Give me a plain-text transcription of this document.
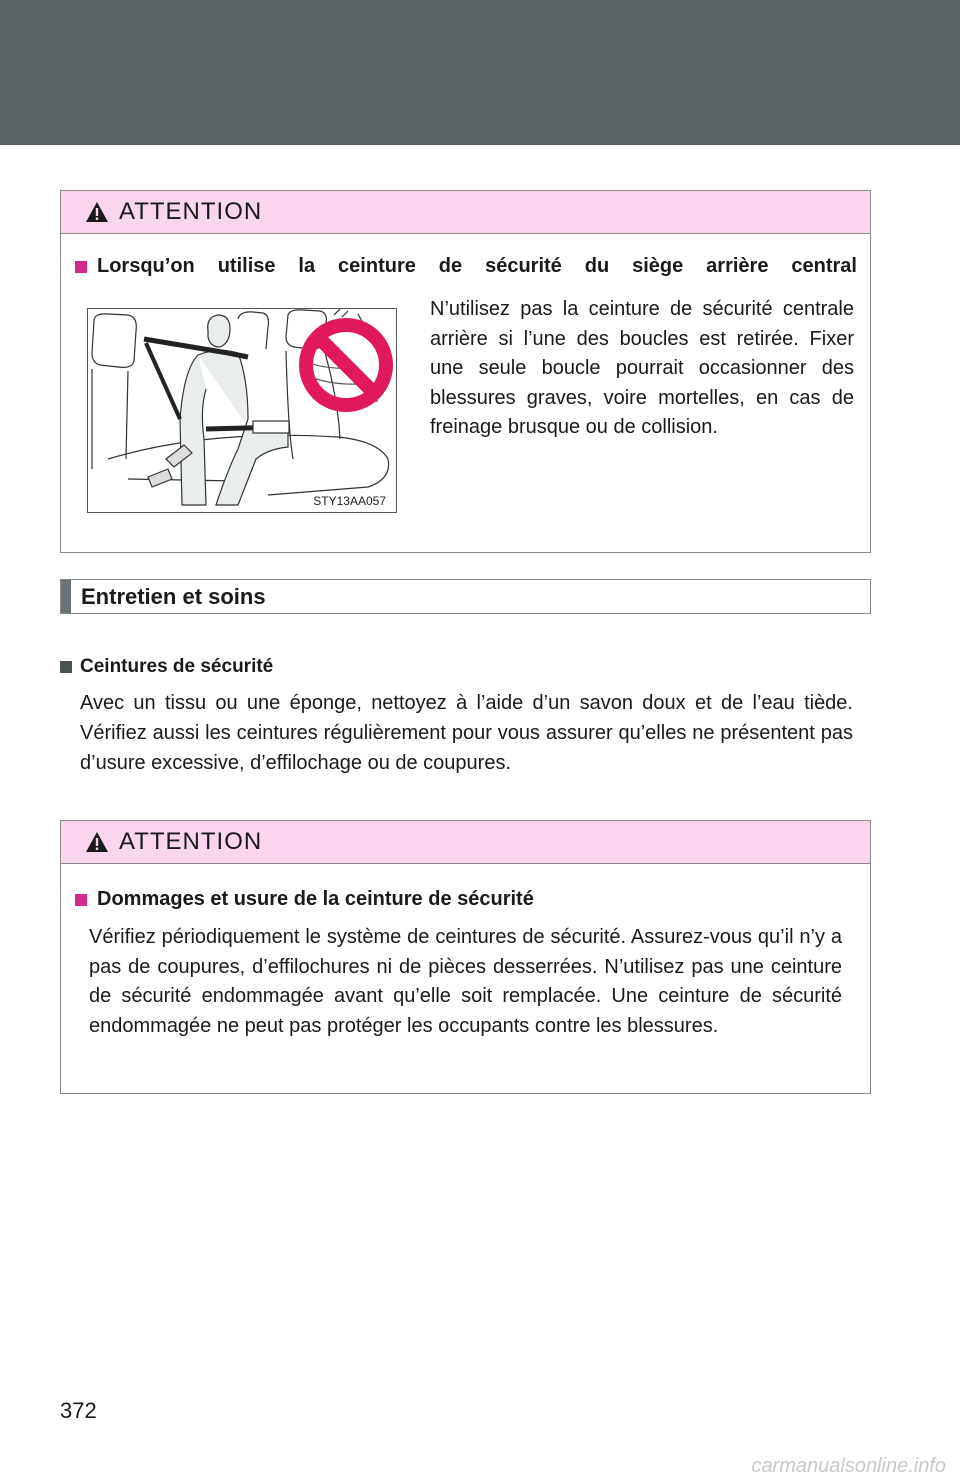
ATTENTION
Lorsqu’on utilise la ceinture de sécurité du siège arrière central
STY13AA057

N’utilisez pas la ceinture de sécurité centrale arrière si l’une des boucles est retirée. Fixer une seule boucle pourrait occasionner des blessures graves, voire mortelles, en cas de freinage brusque ou de collision.

Entretien et soins
Ceintures de sécurité

Avec un tissu ou une éponge, nettoyez à l’aide d’un savon doux et de l’eau tiède. Vérifiez aussi les ceintures régulièrement pour vous assurer qu’elles ne présentent pas d’usure excessive, d’effilochage ou de coupures.

ATTENTION
Dommages et usure de la ceinture de sécurité

Vérifiez périodiquement le système de ceintures de sécurité. Assurez-vous qu’il n’y a pas de coupures, d’effilochures ni de pièces desserrées. N’utilisez pas une ceinture de sécurité endommagée avant qu’elle soit remplacée. Une ceinture de sécurité endommagée ne peut pas protéger les occupants contre les blessures.

372
carmanualsonline.info
